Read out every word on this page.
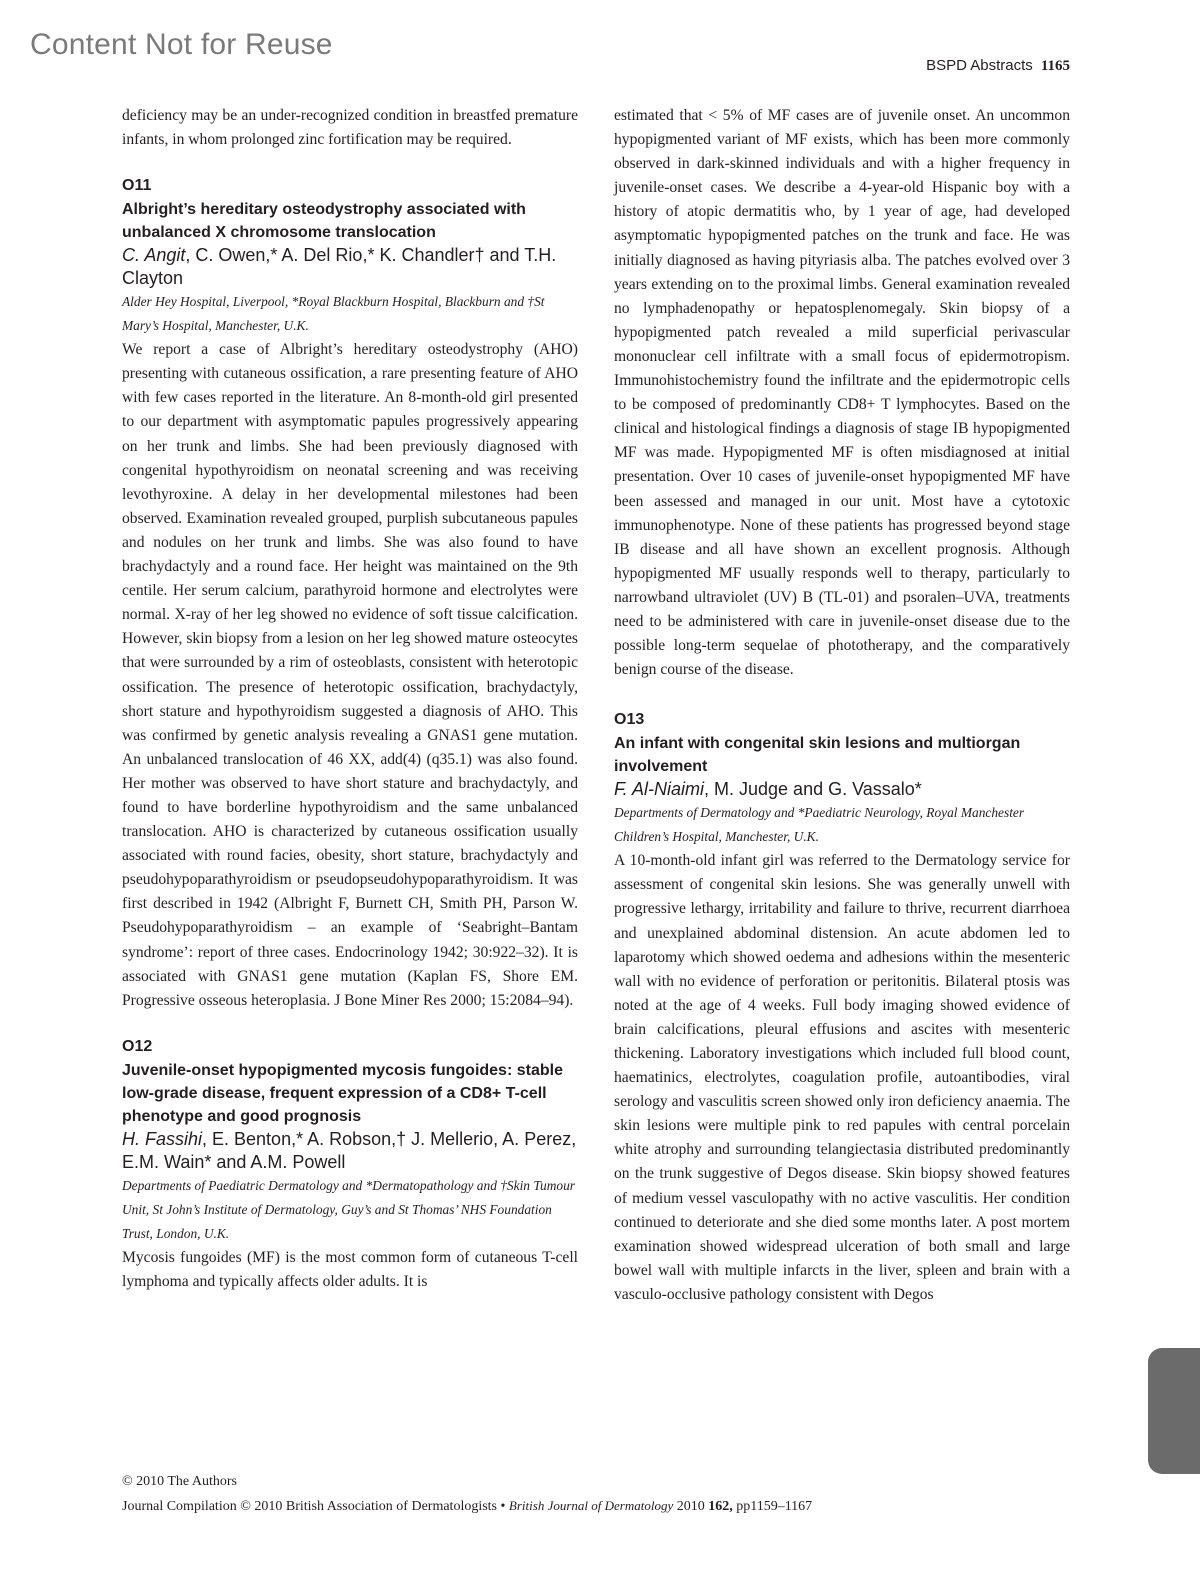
Content Not for Reuse
BSPD Abstracts 1165

deficiency may be an under-recognized condition in breastfed premature infants, in whom prolonged zinc fortification may be required.

O11
Albright’s hereditary osteodystrophy associated with unbalanced X chromosome translocation
C. Angit, C. Owen,* A. Del Rio,* K. Chandler† and T.H. Clayton
Alder Hey Hospital, Liverpool, *Royal Blackburn Hospital, Blackburn and †St Mary’s Hospital, Manchester, U.K.

We report a case of Albright’s hereditary osteodystrophy (AHO) presenting with cutaneous ossification, a rare presenting feature of AHO with few cases reported in the literature. An 8-month-old girl presented to our department with asymptomatic papules progressively appearing on her trunk and limbs. She had been previously diagnosed with congenital hypothyroidism on neonatal screening and was receiving levothyroxine. A delay in her developmental milestones had been observed. Examination revealed grouped, purplish subcutaneous papules and nodules on her trunk and limbs. She was also found to have brachydactyly and a round face. Her height was maintained on the 9th centile. Her serum calcium, parathyroid hormone and electrolytes were normal. X-ray of her leg showed no evidence of soft tissue calcification. However, skin biopsy from a lesion on her leg showed mature osteocytes that were surrounded by a rim of osteoblasts, consistent with heterotopic ossification. The presence of heterotopic ossification, brachydactyly, short stature and hypothyroidism suggested a diagnosis of AHO. This was confirmed by genetic analysis revealing a GNAS1 gene mutation. An unbalanced translocation of 46 XX, add(4) (q35.1) was also found. Her mother was observed to have short stature and brachydactyly, and found to have borderline hypothyroidism and the same unbalanced translocation. AHO is characterized by cutaneous ossification usually associated with round facies, obesity, short stature, brachydactyly and pseudohypoparathyroidism or pseudopseudohypoparathyroidism. It was first described in 1942 (Albright F, Burnett CH, Smith PH, Parson W. Pseudohypoparathyroidism – an example of ‘Seabright–Bantam syndrome’: report of three cases. Endocrinology 1942; 30:922–32). It is associated with GNAS1 gene mutation (Kaplan FS, Shore EM. Progressive osseous heteroplasia. J Bone Miner Res 2000; 15:2084–94).

O12
Juvenile-onset hypopigmented mycosis fungoides: stable low-grade disease, frequent expression of a CD8+ T-cell phenotype and good prognosis
H. Fassihi, E. Benton,* A. Robson,† J. Mellerio, A. Perez, E.M. Wain* and A.M. Powell
Departments of Paediatric Dermatology and *Dermatopathology and †Skin Tumour Unit, St John’s Institute of Dermatology, Guy’s and St Thomas’ NHS Foundation Trust, London, U.K.

Mycosis fungoides (MF) is the most common form of cutaneous T-cell lymphoma and typically affects older adults. It is

estimated that < 5% of MF cases are of juvenile onset. An uncommon hypopigmented variant of MF exists, which has been more commonly observed in dark-skinned individuals and with a higher frequency in juvenile-onset cases. We describe a 4-year-old Hispanic boy with a history of atopic dermatitis who, by 1 year of age, had developed asymptomatic hypopigmented patches on the trunk and face. He was initially diagnosed as having pityriasis alba. The patches evolved over 3 years extending on to the proximal limbs. General examination revealed no lymphadenopathy or hepatosplenomegaly. Skin biopsy of a hypopigmented patch revealed a mild superficial perivascular mononuclear cell infiltrate with a small focus of epidermotropism. Immunohistochemistry found the infiltrate and the epidermotropic cells to be composed of predominantly CD8+ T lymphocytes. Based on the clinical and histological findings a diagnosis of stage IB hypopigmented MF was made. Hypopigmented MF is often misdiagnosed at initial presentation. Over 10 cases of juvenile-onset hypopigmented MF have been assessed and managed in our unit. Most have a cytotoxic immunophenotype. None of these patients has progressed beyond stage IB disease and all have shown an excellent prognosis. Although hypopigmented MF usually responds well to therapy, particularly to narrowband ultraviolet (UV) B (TL-01) and psoralen–UVA, treatments need to be administered with care in juvenile-onset disease due to the possible long-term sequelae of phototherapy, and the comparatively benign course of the disease.

O13
An infant with congenital skin lesions and multiorgan involvement
F. Al-Niaimi, M. Judge and G. Vassalo*
Departments of Dermatology and *Paediatric Neurology, Royal Manchester Children’s Hospital, Manchester, U.K.

A 10-month-old infant girl was referred to the Dermatology service for assessment of congenital skin lesions. She was generally unwell with progressive lethargy, irritability and failure to thrive, recurrent diarrhoea and unexplained abdominal distension. An acute abdomen led to laparotomy which showed oedema and adhesions within the mesenteric wall with no evidence of perforation or peritonitis. Bilateral ptosis was noted at the age of 4 weeks. Full body imaging showed evidence of brain calcifications, pleural effusions and ascites with mesenteric thickening. Laboratory investigations which included full blood count, haematinics, electrolytes, coagulation profile, autoantibodies, viral serology and vasculitis screen showed only iron deficiency anaemia. The skin lesions were multiple pink to red papules with central porcelain white atrophy and surrounding telangiectasia distributed predominantly on the trunk suggestive of Degos disease. Skin biopsy showed features of medium vessel vasculopathy with no active vasculitis. Her condition continued to deteriorate and she died some months later. A post mortem examination showed widespread ulceration of both small and large bowel wall with multiple infarcts in the liver, spleen and brain with a vasculo-occlusive pathology consistent with Degos

© 2010 The Authors
Journal Compilation © 2010 British Association of Dermatologists • British Journal of Dermatology 2010 162, pp1159–1167
